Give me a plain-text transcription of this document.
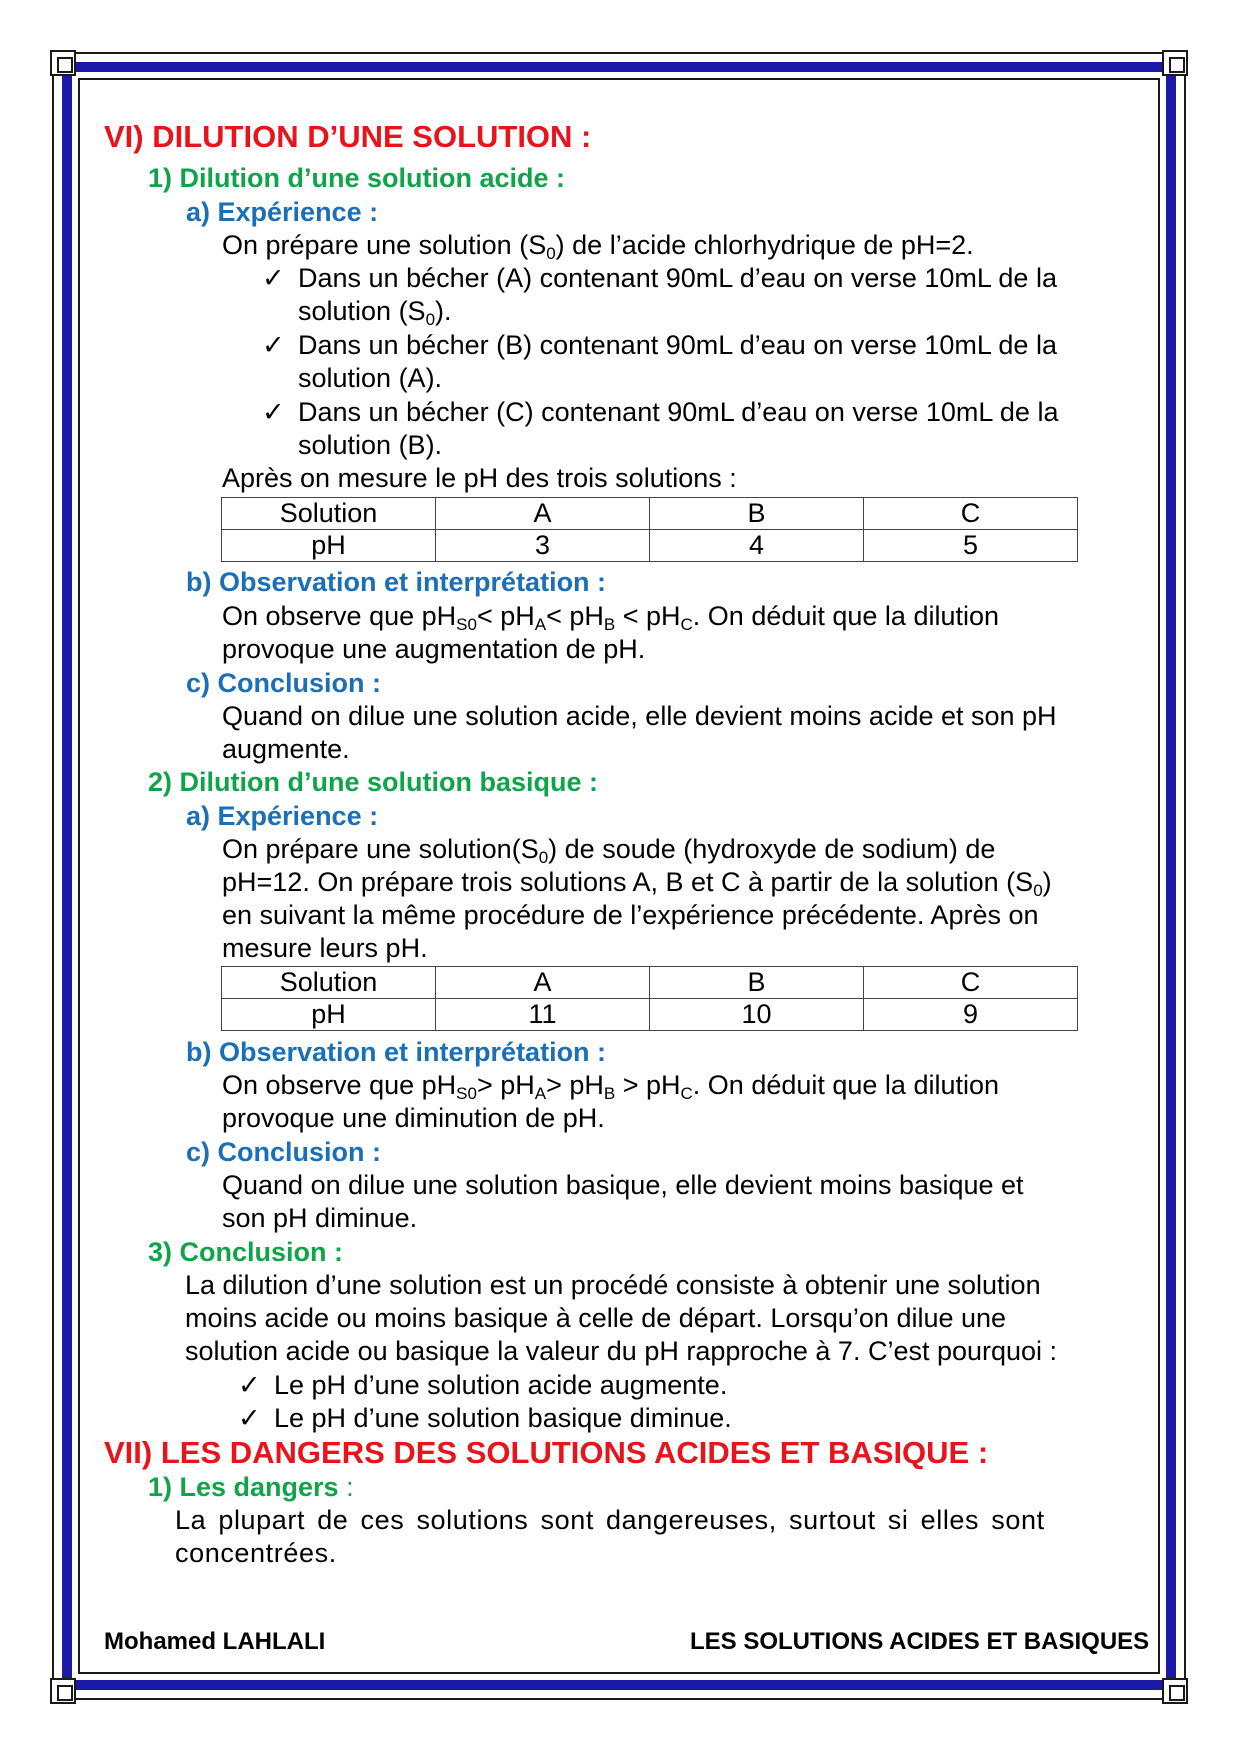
VI) DILUTION D’UNE SOLUTION :
1) Dilution d’une solution acide :
a) Expérience :
On prépare une solution $(S_0)$ de l’acide chlorhydrique de pH=2.
✓ Dans un bécher (A) contenant 90mL d’eau on verse 10mL de la
solution $(S_0)$.
✓ Dans un bécher (B) contenant 90mL d’eau on verse 10mL de la
solution (A).
✓ Dans un bécher (C) contenant 90mL d’eau on verse 10mL de la
solution (B).
Après on mesure le pH des trois solutions :
Solution	A	B	C
pH	3	4	5
b) Observation et interprétation :
On observe que $pH_{S0}< pH_A< pH_B < pH_C$. On déduit que la dilution
provoque une augmentation de pH.
c) Conclusion :
Quand on dilue une solution acide, elle devient moins acide et son pH
augmente.
2) Dilution d’une solution basique :
a) Expérience :
On prépare une $solution(S_0)$ de soude (hydroxyde de sodium) de
pH=12. On prépare trois solutions A, B et C à partir de la solution $(S_0)$
en suivant la même procédure de l’expérience précédente. Après on
mesure leurs pH.
Solution	A	B	C
pH	11	10	9
b) Observation et interprétation :
On observe que $pH_{S0}> pH_A> pH_B > pH_C$. On déduit que la dilution
provoque une diminution de pH.
c) Conclusion :
Quand on dilue une solution basique, elle devient moins basique et
son pH diminue.
3) Conclusion :
La dilution d’une solution est un procédé consiste à obtenir une solution
moins acide ou moins basique à celle de départ. Lorsqu’on dilue une
solution acide ou basique la valeur du pH rapproche à 7. C’est pourquoi :
✓ Le pH d’une solution acide augmente.
✓ Le pH d’une solution basique diminue.
VII) LES DANGERS DES SOLUTIONS ACIDES ET BASIQUE :
1) Les dangers :
La plupart de ces solutions sont dangereuses, surtout si elles sont
concentrées.
Mohamed LAHLALI	LES SOLUTIONS ACIDES ET BASIQUES
